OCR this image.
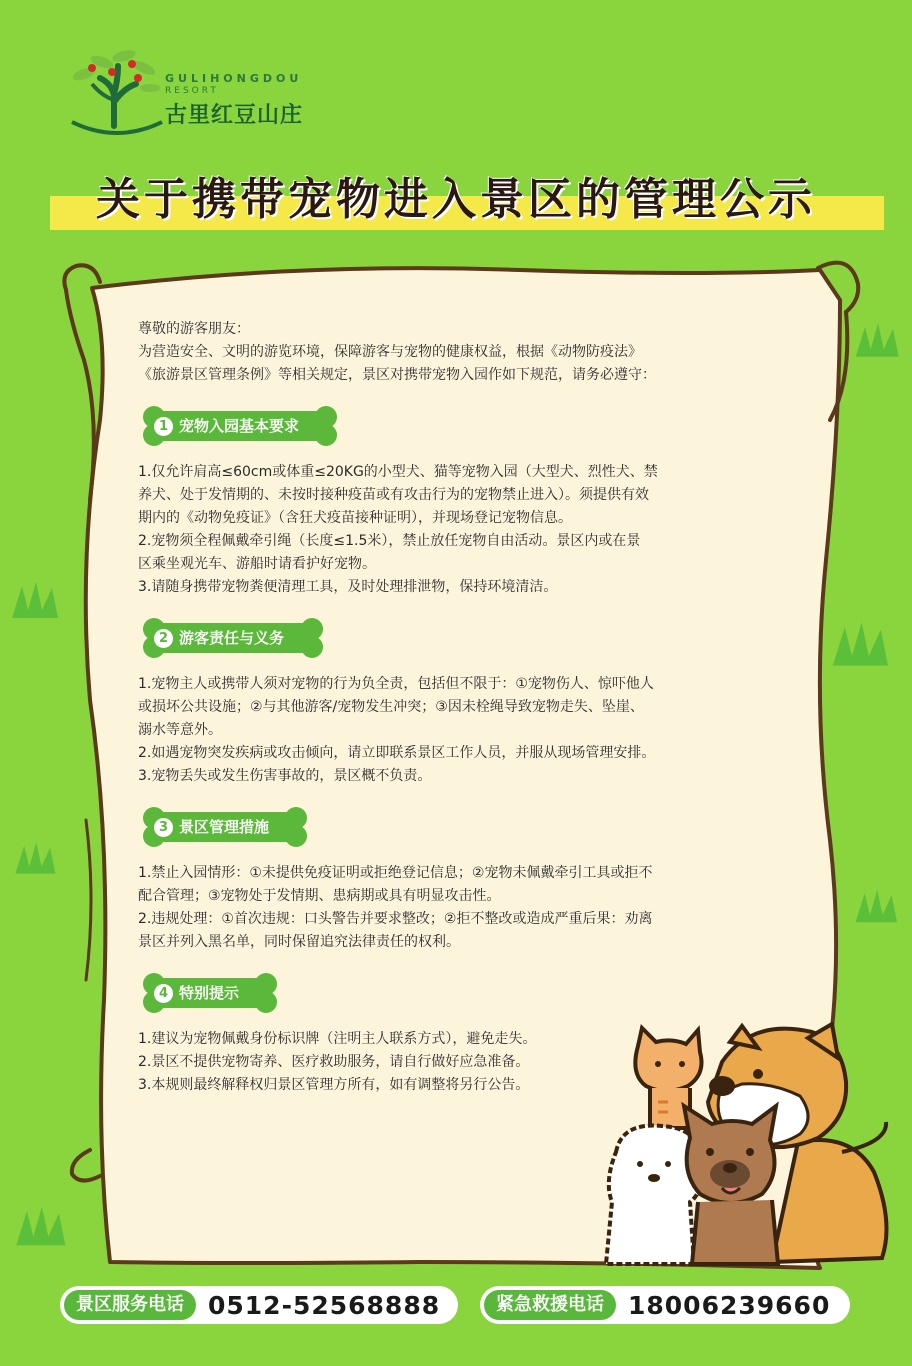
GULIHONGDOU
RESORT
古里红豆山庄
关于携带宠物进入景区的管理公示

尊敬的游客朋友：

为营造安全、文明的游览环境，保障游客与宠物的健康权益，根据《动物防疫法》

《旅游景区管理条例》等相关规定，景区对携带宠物入园作如下规范，请务必遵守：

1 宠物入园基本要求

1.仅允许肩高≤60cm或体重≤20KG的小型犬、猫等宠物入园（大型犬、烈性犬、禁

养犬、处于发情期的、未按时接种疫苗或有攻击行为的宠物禁止进入）。须提供有效

期内的《动物免疫证》（含狂犬疫苗接种证明），并现场登记宠物信息。

2.宠物须全程佩戴牵引绳（长度≤1.5米），禁止放任宠物自由活动。景区内或在景

区乘坐观光车、游船时请看护好宠物。

3.请随身携带宠物粪便清理工具，及时处理排泄物，保持环境清洁。

2 游客责任与义务

1.宠物主人或携带人须对宠物的行为负全责，包括但不限于：①宠物伤人、惊吓他人

或损坏公共设施；②与其他游客/宠物发生冲突；③因未栓绳导致宠物走失、坠崖、

溺水等意外。

2.如遇宠物突发疾病或攻击倾向，请立即联系景区工作人员，并服从现场管理安排。

3.宠物丢失或发生伤害事故的，景区概不负责。

3 景区管理措施

1.禁止入园情形：①未提供免疫证明或拒绝登记信息；②宠物未佩戴牵引工具或拒不

配合管理；③宠物处于发情期、患病期或具有明显攻击性。

2.违规处理：①首次违规：口头警告并要求整改；②拒不整改或造成严重后果：劝离

景区并列入黑名单，同时保留追究法律责任的权利。

4 特别提示

1.建议为宠物佩戴身份标识牌（注明主人联系方式），避免走失。

2.景区不提供宠物寄养、医疗救助服务，请自行做好应急准备。

3.本规则最终解释权归景区管理方所有，如有调整将另行公告。

景区服务电话 0512-52568888	紧急救援电话 18006239660
